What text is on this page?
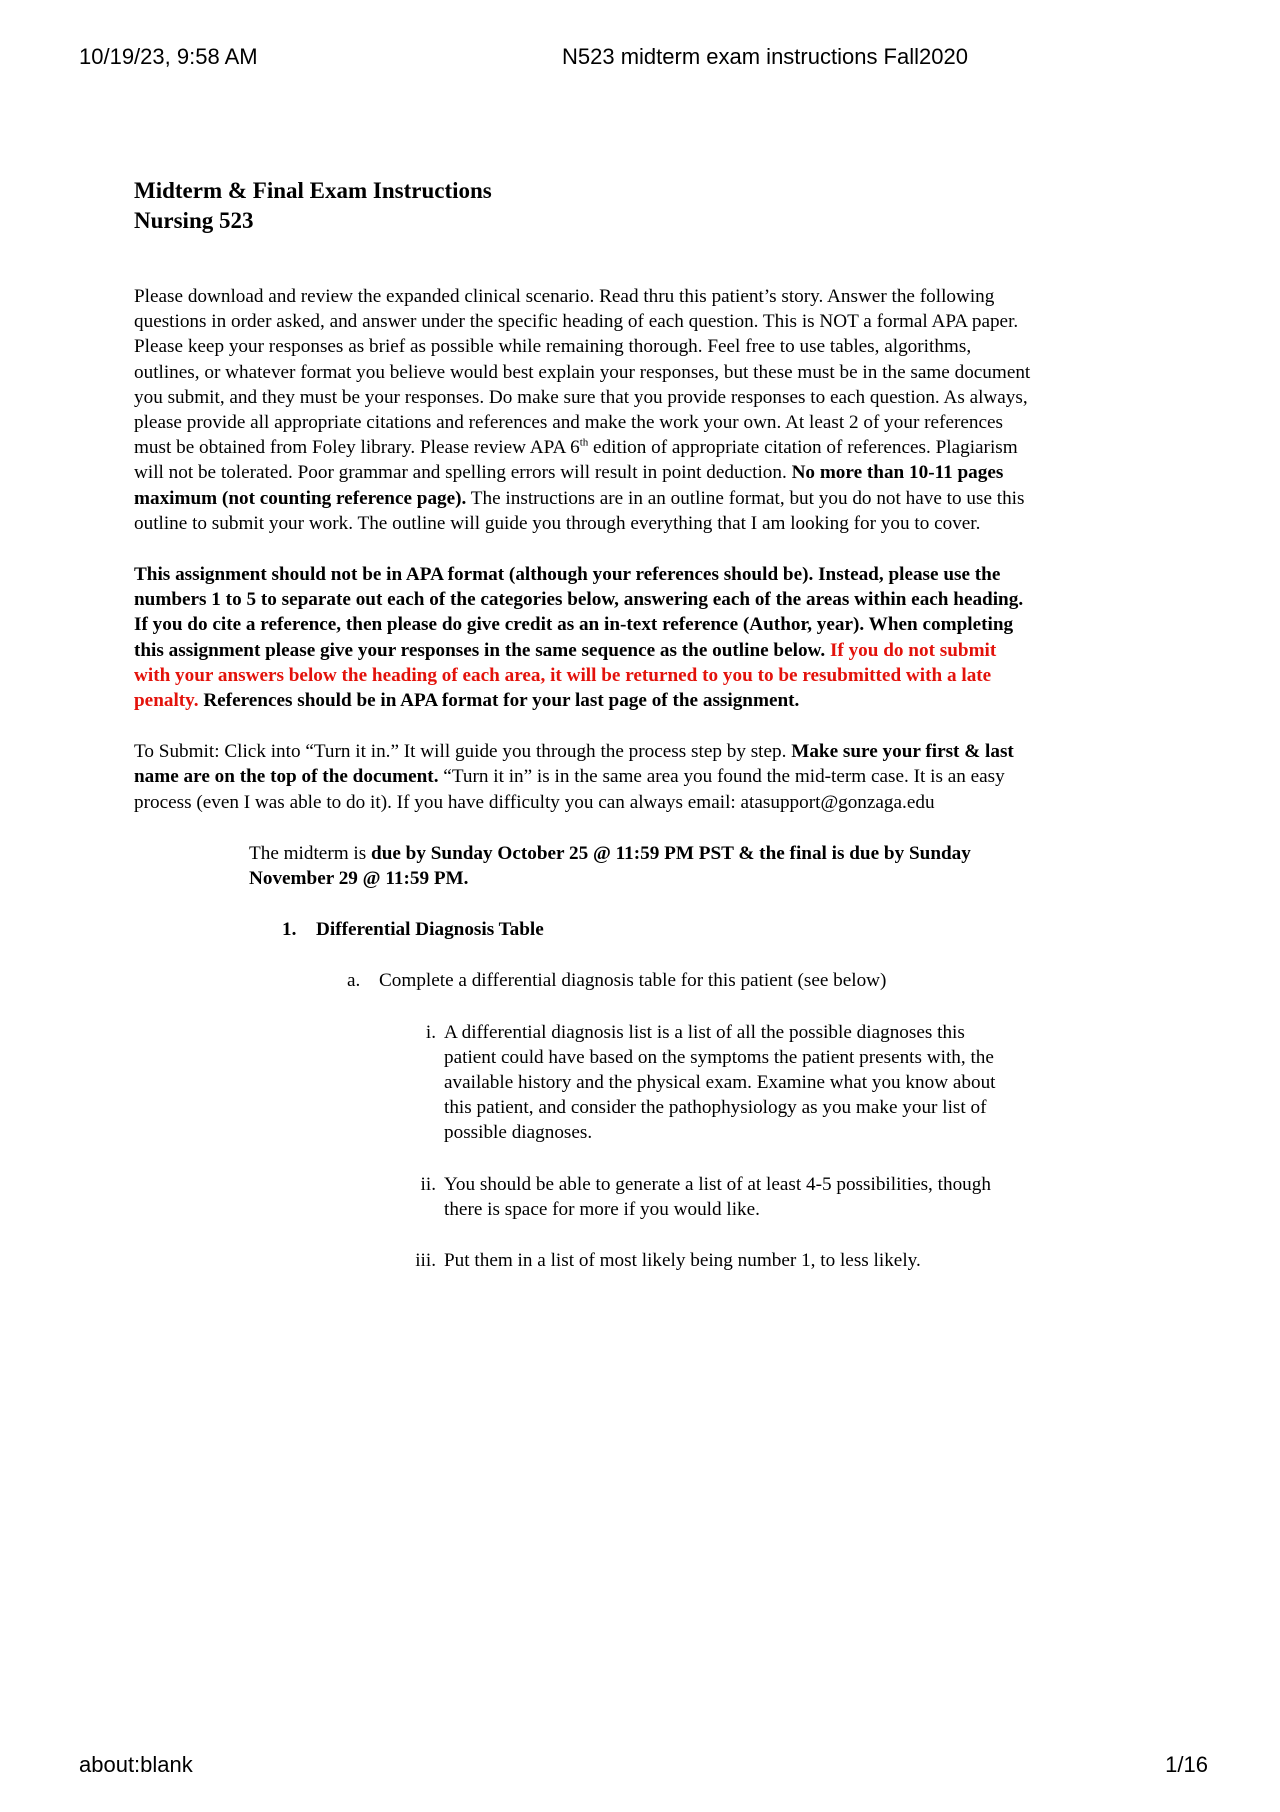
10/19/23, 9:58 AM	N523 midterm exam instructions Fall2020
Midterm & Final Exam Instructions
Nursing 523

Please download and review the expanded clinical scenario. Read thru this patient’s story. Answer the following questions in order asked, and answer under the specific heading of each question. This is NOT a formal APA paper. Please keep your responses as brief as possible while remaining thorough. Feel free to use tables, algorithms, outlines, or whatever format you believe would best explain your responses, but these must be in the same document you submit, and they must be your responses. Do make sure that you provide responses to each question. As always, please provide all appropriate citations and references and make the work your own. At least 2 of your references must be obtained from Foley library. Please review APA 6th edition of appropriate citation of references. Plagiarism will not be tolerated. Poor grammar and spelling errors will result in point deduction. No more than 10-11 pages maximum (not counting reference page). The instructions are in an outline format, but you do not have to use this outline to submit your work. The outline will guide you through everything that I am looking for you to cover.

This assignment should not be in APA format (although your references should be). Instead, please use the numbers 1 to 5 to separate out each of the categories below, answering each of the areas within each heading. If you do cite a reference, then please do give credit as an in-text reference (Author, year). When completing this assignment please give your responses in the same sequence as the outline below. If you do not submit with your answers below the heading of each area, it will be returned to you to be resubmitted with a late penalty. References should be in APA format for your last page of the assignment.

To Submit: Click into “Turn it in.” It will guide you through the process step by step. Make sure your first & last name are on the top of the document. “Turn it in” is in the same area you found the mid-term case. It is an easy process (even I was able to do it). If you have difficulty you can always email: atasupport@gonzaga.edu

The midterm is due by Sunday October 25 @ 11:59 PM PST & the final is due by Sunday November 29 @ 11:59 PM.

1. Differential Diagnosis Table
a. Complete a differential diagnosis table for this patient (see below)
i. A differential diagnosis list is a list of all the possible diagnoses this patient could have based on the symptoms the patient presents with, the available history and the physical exam. Examine what you know about this patient, and consider the pathophysiology as you make your list of possible diagnoses.
ii. You should be able to generate a list of at least 4-5 possibilities, though there is space for more if you would like.
iii. Put them in a list of most likely being number 1, to less likely.
about:blank	1/16
